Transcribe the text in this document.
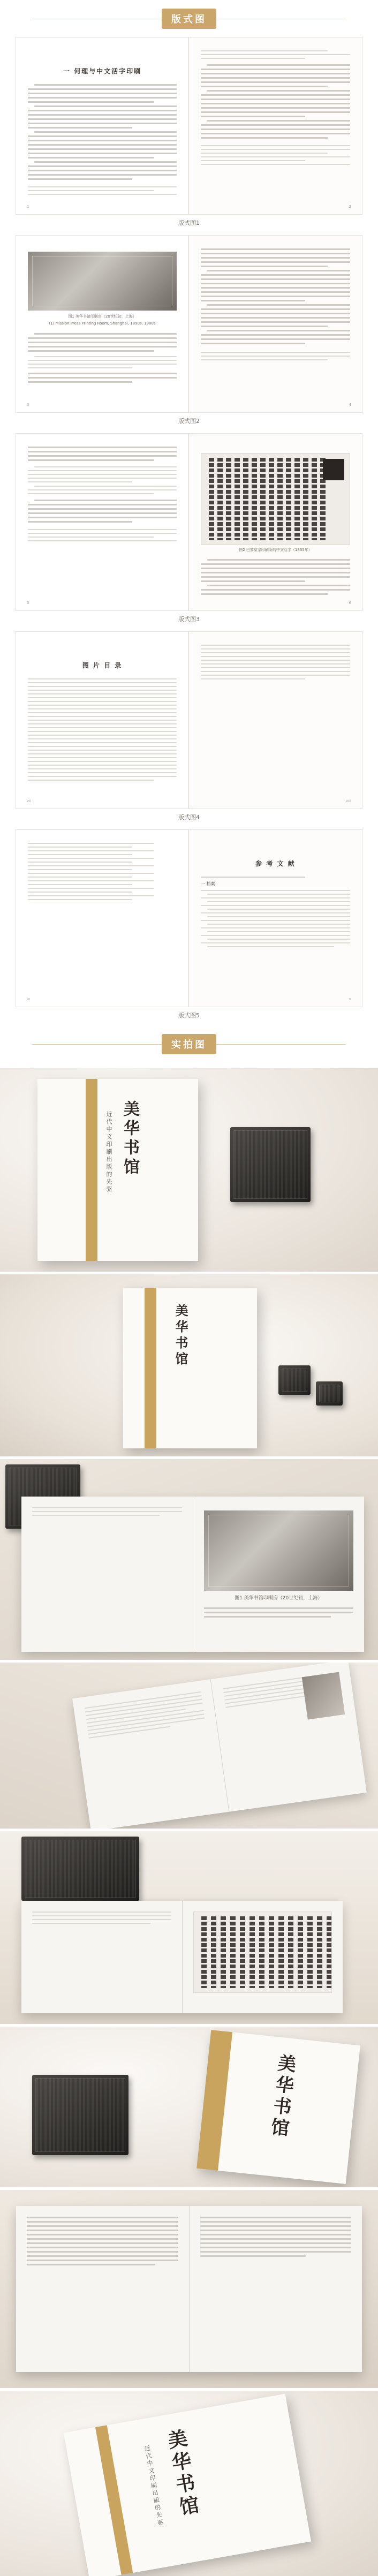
版式图
一 何理与中文活字印刷
1	2
版式图1
图1 美华书馆印刷房（20世纪初，上海）
(1) Mission Press Printing Room, Shanghai, 1890s, 1900s
3	4
版式图2
5
图2 巴黎皇家印刷所的中文活字（1835年）
6
版式图3
图 片 目 录
vii	viii
版式图4
ix
参 考 文 献
一 档案
x
版式图5
实拍图
美华书馆
近代中文印刷出版的先驱
美华书馆
图1 美华书馆印刷房（20世纪初，上海）
美华书馆
美华书馆
近代中文印刷出版的先驱
